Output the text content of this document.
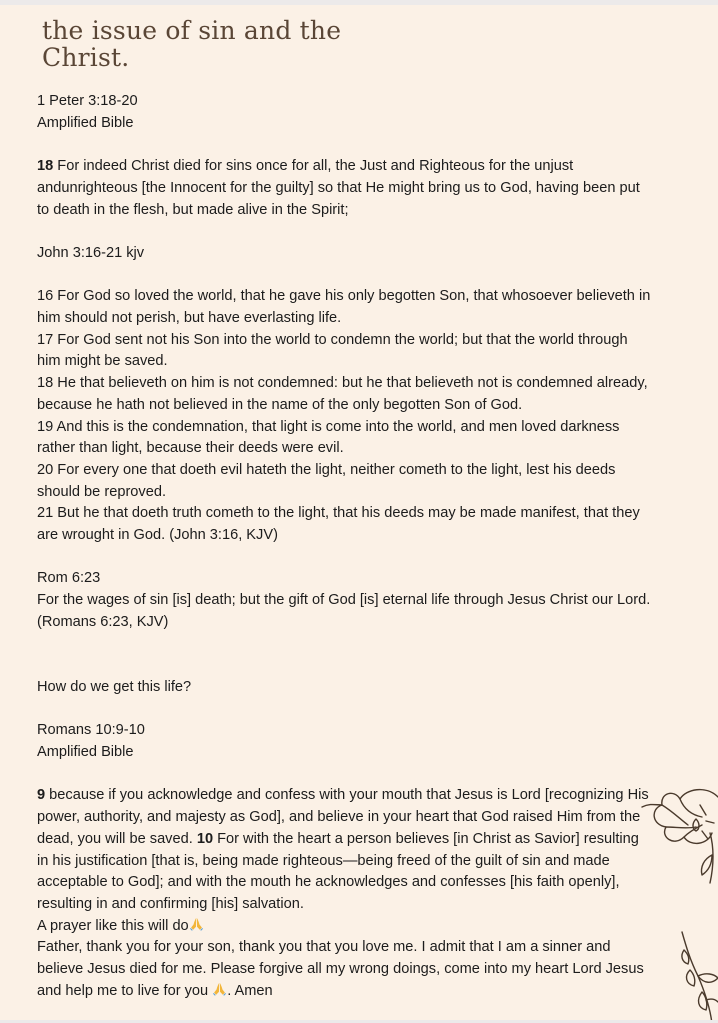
the issue of sin and the
Christ.

1 Peter 3:18-20

Amplified Bible

18 For indeed Christ died for sins once for all, the Just and Righteous for the unjust andunrighteous [the Innocent for the guilty] so that He might bring us to God, having been put to death in the flesh, but made alive in the Spirit;

John 3:16-21 kjv

16 For God so loved the world, that he gave his only begotten Son, that whosoever believeth in him should not perish, but have everlasting life.

17 For God sent not his Son into the world to condemn the world; but that the world through him might be saved.

18 He that believeth on him is not condemned: but he that believeth not is condemned already, because he hath not believed in the name of the only begotten Son of God.

19 And this is the condemnation, that light is come into the world, and men loved darkness rather than light, because their deeds were evil.

20 For every one that doeth evil hateth the light, neither cometh to the light, lest his deeds should be reproved.

21 But he that doeth truth cometh to the light, that his deeds may be made manifest, that they are wrought in God. (John 3:16, KJV)

Rom 6:23

For the wages of sin [is] death; but the gift of God [is] eternal life through Jesus Christ our Lord. (Romans 6:23, KJV)

How do we get this life?

Romans 10:9-10

Amplified Bible

9 because if you acknowledge and confess with your mouth that Jesus is Lord [recognizing His power, authority, and majesty as God], and believe in your heart that God raised Him from the dead, you will be saved. 10 For with the heart a person believes [in Christ as Savior] resulting in his justification [that is, being made righteous—being freed of the guilt of sin and made acceptable to God]; and with the mouth he acknowledges and confesses [his faith openly], resulting in and confirming [his] salvation.

A prayer like this will do

Father, thank you for your son, thank you that you love me. I admit that I am a sinner and believe Jesus died for me. Please forgive all my wrong doings, come into my heart Lord Jesus and help me to live for you . Amen
